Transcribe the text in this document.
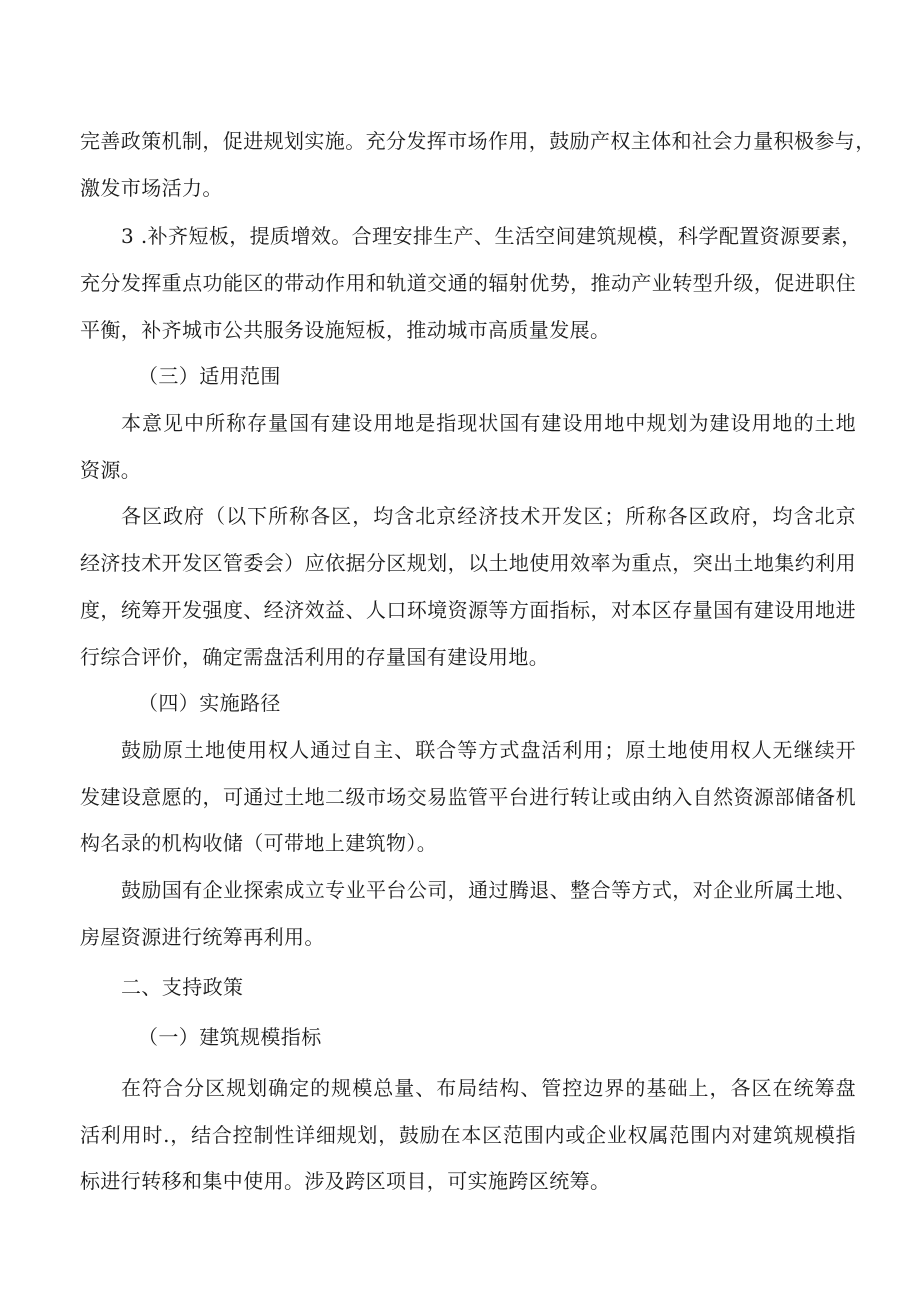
完善政策机制，促进规划实施。充分发挥市场作用，鼓励产权主体和社会力量积极参与，
激发市场活力。
3 .补齐短板，提质增效。合理安排生产、生活空间建筑规模，科学配置资源要素，
充分发挥重点功能区的带动作用和轨道交通的辐射优势，推动产业转型升级，促进职住
平衡，补齐城市公共服务设施短板，推动城市高质量发展。
（三）适用范围
本意见中所称存量国有建设用地是指现状国有建设用地中规划为建设用地的土地
资源。
各区政府（以下所称各区，均含北京经济技术开发区；所称各区政府，均含北京
经济技术开发区管委会）应依据分区规划，以土地使用效率为重点，突出土地集约利用
度，统筹开发强度、经济效益、人口环境资源等方面指标，对本区存量国有建设用地进
行综合评价，确定需盘活利用的存量国有建设用地。
（四）实施路径
鼓励原土地使用权人通过自主、联合等方式盘活利用；原土地使用权人无继续开
发建设意愿的，可通过土地二级市场交易监管平台进行转让或由纳入自然资源部储备机
构名录的机构收储（可带地上建筑物）。
鼓励国有企业探索成立专业平台公司，通过腾退、整合等方式，对企业所属土地、
房屋资源进行统筹再利用。
二、支持政策
（一）建筑规模指标
在符合分区规划确定的规模总量、布局结构、管控边界的基础上，各区在统筹盘
活利用时.，结合控制性详细规划，鼓励在本区范围内或企业权属范围内对建筑规模指
标进行转移和集中使用。涉及跨区项目，可实施跨区统筹。
